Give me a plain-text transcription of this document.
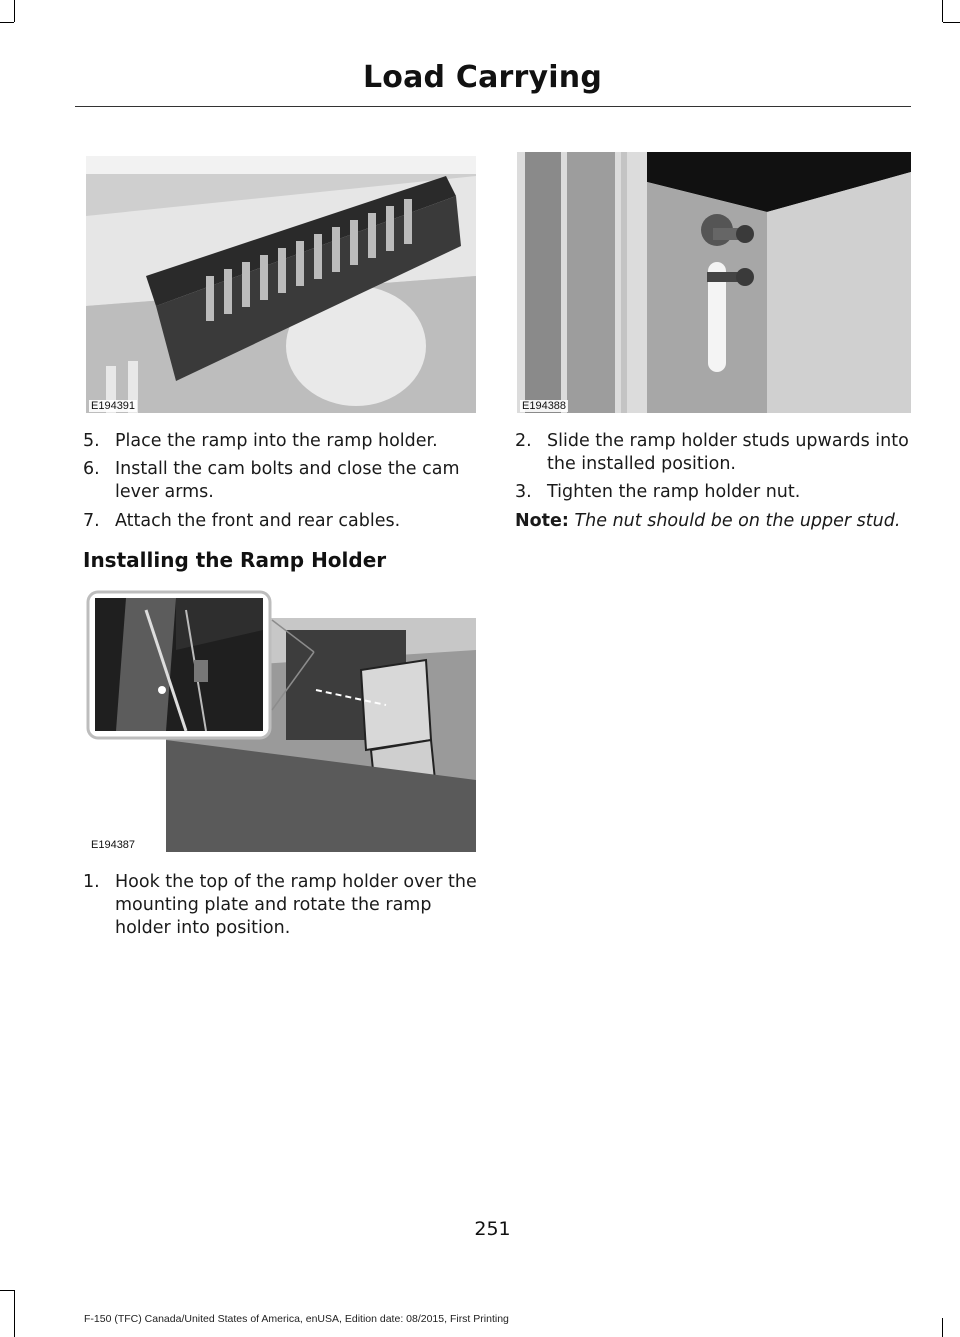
Load Carrying
E194391	E194388
E194387
5. Place the ramp into the ramp holder.
6. Install the cam bolts and close the cam lever arms.
7. Attach the front and rear cables.
Installing the Ramp Holder
1. Hook the top of the ramp holder over the mounting plate and rotate the ramp holder into position.
2. Slide the ramp holder studs upwards into the installed position.
3. Tighten the ramp holder nut.
Note: The nut should be on the upper stud.
251
F-150 (TFC) Canada/United States of America, enUSA, Edition date: 08/2015, First Printing
